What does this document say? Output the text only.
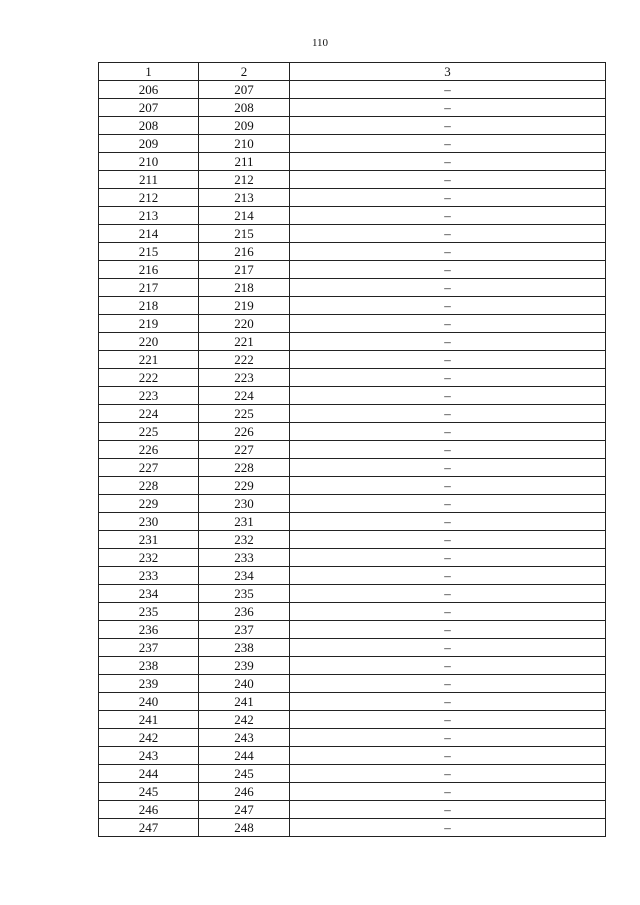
110
1	2	3
206	207	–
207	208	–
208	209	–
209	210	–
210	211	–
211	212	–
212	213	–
213	214	–
214	215	–
215	216	–
216	217	–
217	218	–
218	219	–
219	220	–
220	221	–
221	222	–
222	223	–
223	224	–
224	225	–
225	226	–
226	227	–
227	228	–
228	229	–
229	230	–
230	231	–
231	232	–
232	233	–
233	234	–
234	235	–
235	236	–
236	237	–
237	238	–
238	239	–
239	240	–
240	241	–
241	242	–
242	243	–
243	244	–
244	245	–
245	246	–
246	247	–
247	248	–
